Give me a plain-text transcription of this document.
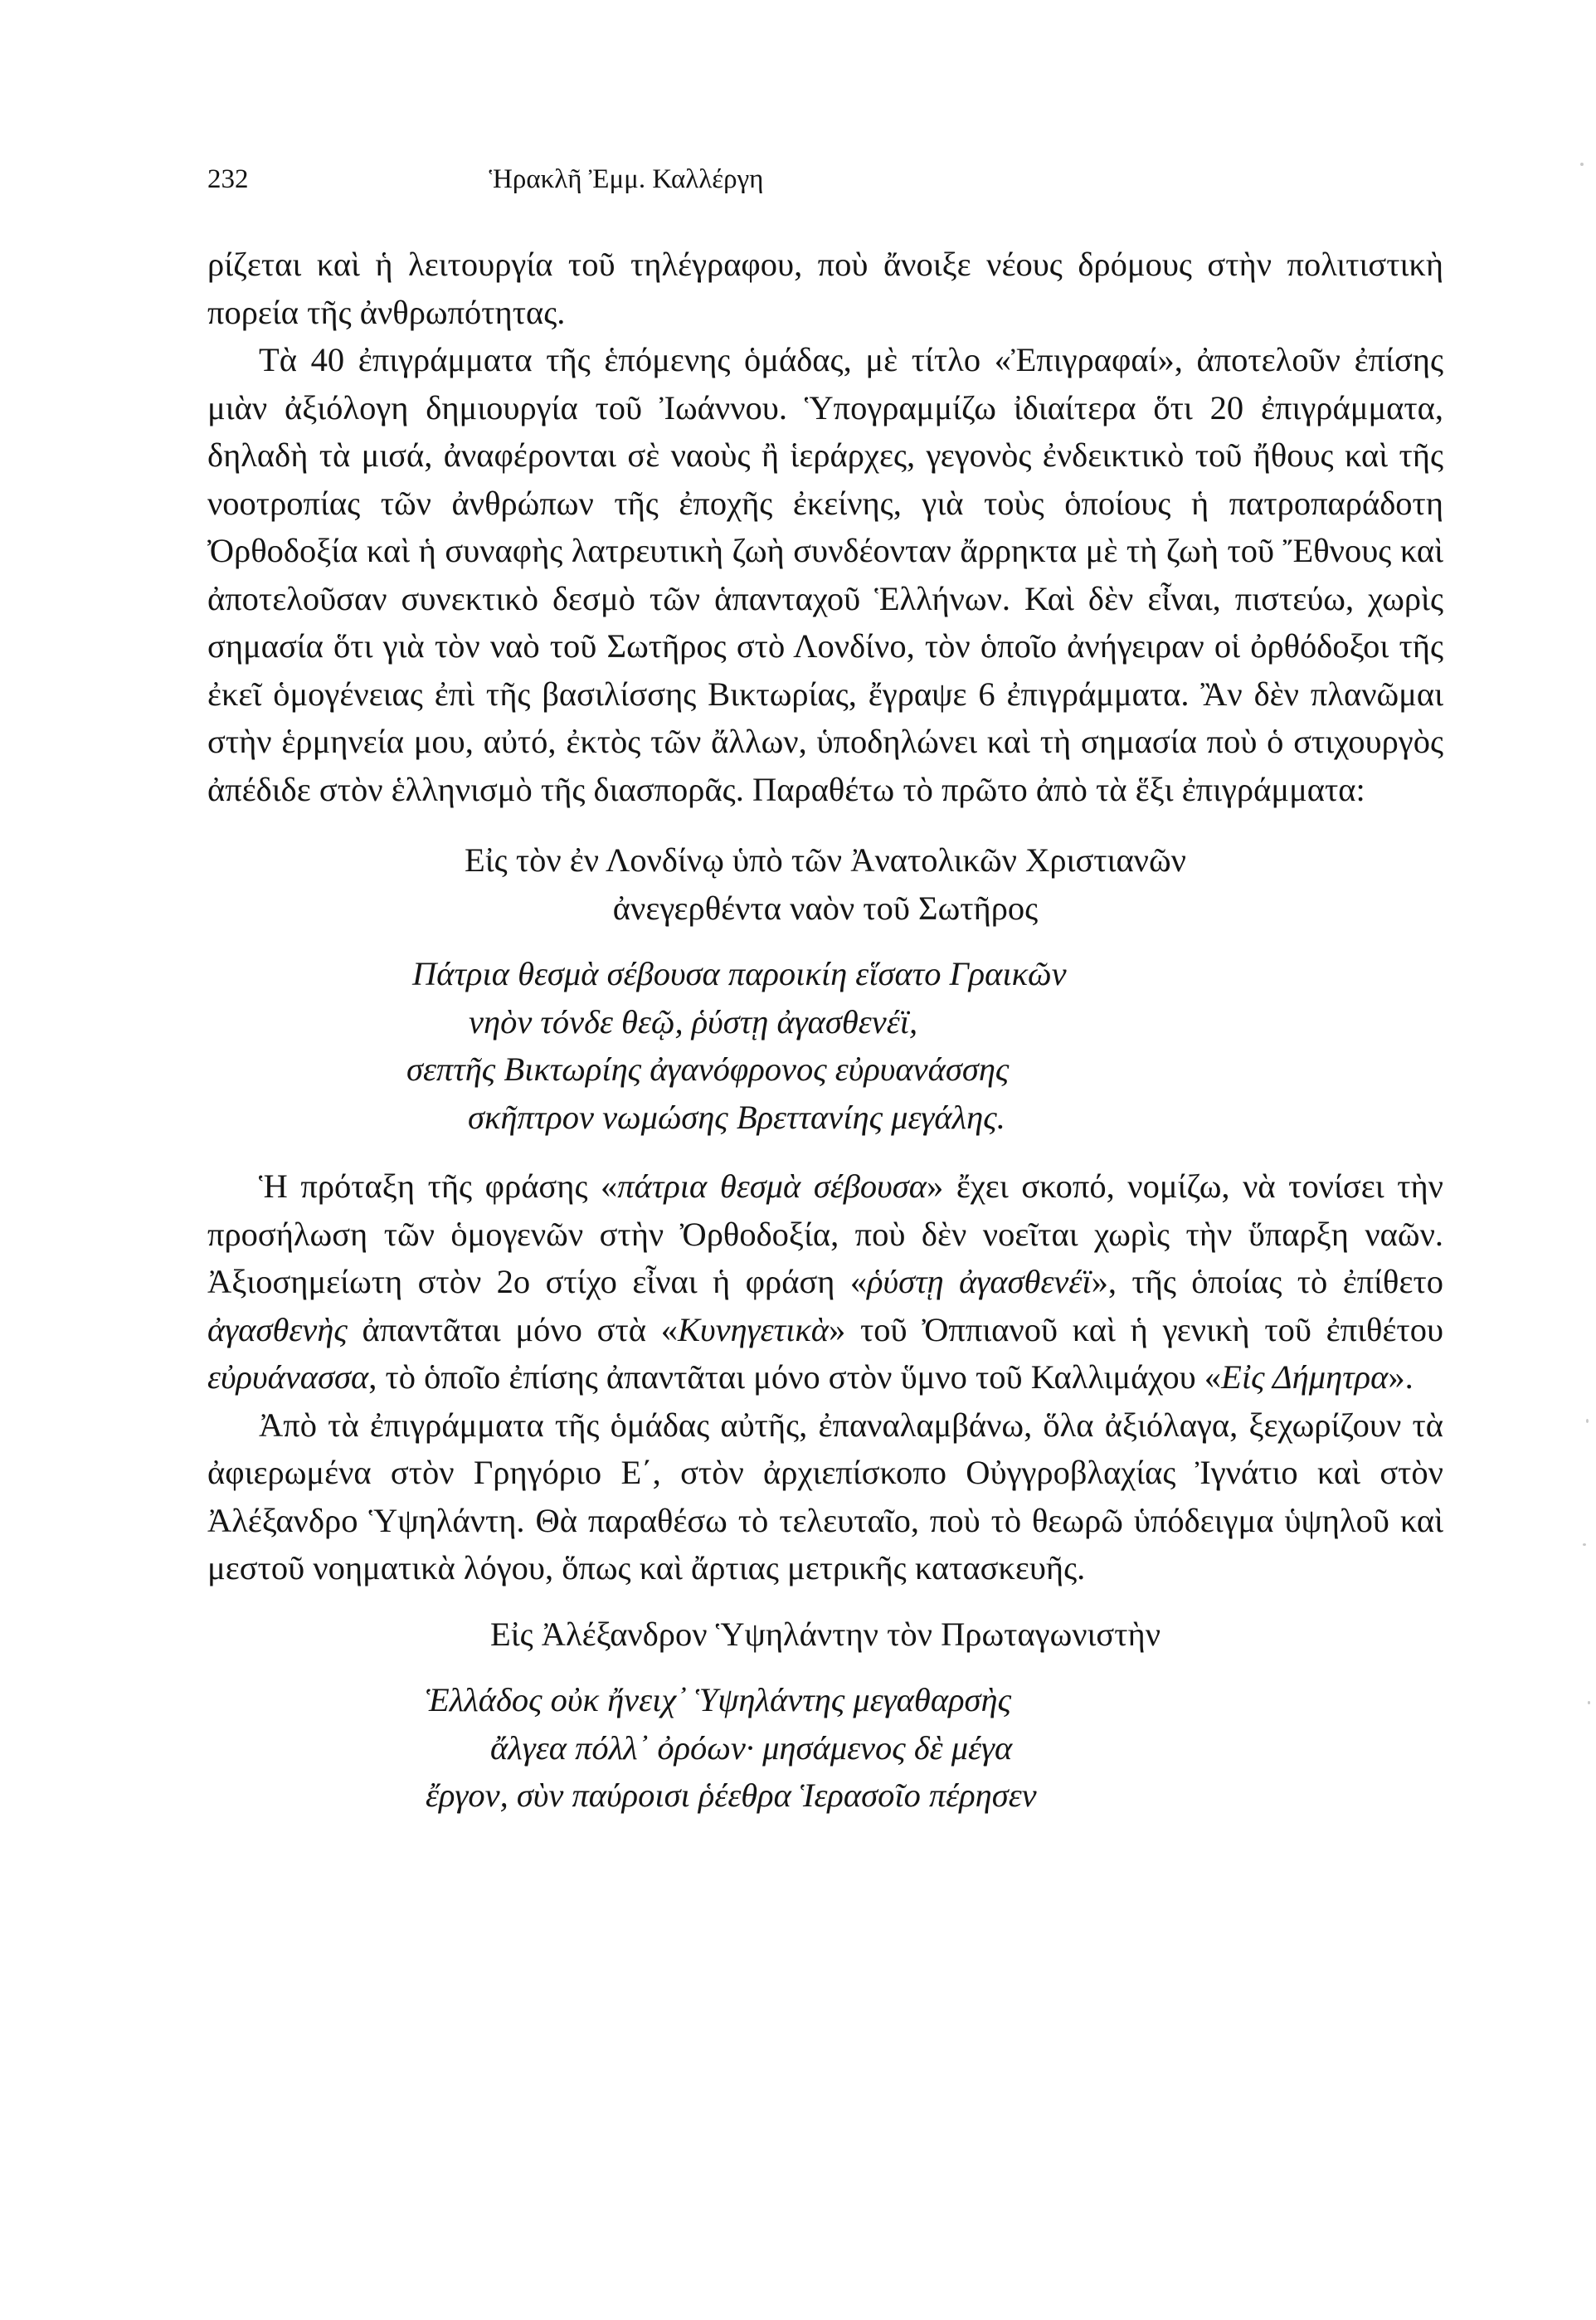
232	Ἡρακλῆ Ἐμμ. Καλλέργη

ρίζεται καὶ ἡ λειτουργία τοῦ τηλέγραφου, ποὺ ἄνοιξε νέους δρόμους στὴν πολιτιστικὴ πορεία τῆς ἀνθρωπότητας.

Τὰ 40 ἐπιγράμματα τῆς ἑπόμενης ὁμάδας, μὲ τίτλο «Ἐπιγραφαί», ἀποτελοῦν ἐπίσης μιὰν ἀξιόλογη δημιουργία τοῦ Ἰωάννου. Ὑπογραμμίζω ἰδιαίτερα ὅτι 20 ἐπιγράμματα, δηλαδὴ τὰ μισά, ἀναφέρονται σὲ ναοὺς ἢ ἱεράρχες, γεγονὸς ἐνδεικτικὸ τοῦ ἤθους καὶ τῆς νοοτροπίας τῶν ἀνθρώπων τῆς ἐποχῆς ἐκείνης, γιὰ τοὺς ὁποίους ἡ πατροπαράδοτη Ὀρθοδοξία καὶ ἡ συναφὴς λατρευτικὴ ζωὴ συνδέονταν ἄρρηκτα μὲ τὴ ζωὴ τοῦ Ἔθνους καὶ ἀποτελοῦσαν συνεκτικὸ δεσμὸ τῶν ἁπανταχοῦ Ἑλλήνων. Καὶ δὲν εἶναι, πιστεύω, χωρὶς σημασία ὅτι γιὰ τὸν ναὸ τοῦ Σωτῆρος στὸ Λονδίνο, τὸν ὁποῖο ἀνήγειραν οἱ ὀρθόδοξοι τῆς ἐκεῖ ὁμογένειας ἐπὶ τῆς βασιλίσσης Βικτωρίας, ἔγραψε 6 ἐπιγράμματα. Ἂν δὲν πλανῶμαι στὴν ἑρμηνεία μου, αὐτό, ἐκτὸς τῶν ἄλλων, ὑποδηλώνει καὶ τὴ σημασία ποὺ ὁ στιχουργὸς ἀπέδιδε στὸν ἑλληνισμὸ τῆς διασπορᾶς. Παραθέτω τὸ πρῶτο ἀπὸ τὰ ἕξι ἐπιγράμματα:

Εἰς τὸν ἐν Λονδίνῳ ὑπὸ τῶν Ἀνατολικῶν Χριστιανῶν
ἀνεγερθέντα ναὸν τοῦ Σωτῆρος

Πάτρια θεσμὰ σέβουσα παροικίη εἵσατο Γραικῶν
νηὸν τόνδε θεῷ, ῥύστῃ ἀγασθενέϊ,
σεπτῆς Βικτωρίης ἀγανόφρονος εὐρυανάσσης
σκῆπτρον νωμώσης Βρεττανίης μεγάλης.

Ἡ πρόταξη τῆς φράσης «πάτρια θεσμὰ σέβουσα» ἔχει σκοπό, νομίζω, νὰ τονίσει τὴν προσήλωση τῶν ὁμογενῶν στὴν Ὀρθοδοξία, ποὺ δὲν νοεῖται χωρὶς τὴν ὕπαρξη ναῶν. Ἀξιοσημείωτη στὸν 2ο στίχο εἶναι ἡ φράση «ῥύστῃ ἀγασθενέϊ», τῆς ὁποίας τὸ ἐπίθετο ἀγασθενὴς ἀπαντᾶται μόνο στὰ «Κυνηγετικὰ» τοῦ Ὀππιανοῦ καὶ ἡ γενικὴ τοῦ ἐπιθέτου εὐρυάνασσα, τὸ ὁποῖο ἐπίσης ἀπαντᾶται μόνο στὸν ὕμνο τοῦ Καλλιμάχου «Εἰς Δήμητρα».

Ἀπὸ τὰ ἐπιγράμματα τῆς ὁμάδας αὐτῆς, ἐπαναλαμβάνω, ὅλα ἀξιόλαγα, ξεχωρίζουν τὰ ἀφιερωμένα στὸν Γρηγόριο Ε΄, στὸν ἀρχιεπίσκοπο Οὐγγροβλαχίας Ἰγνάτιο καὶ στὸν Ἀλέξανδρο Ὑψηλάντη. Θὰ παραθέσω τὸ τελευταῖο, ποὺ τὸ θεωρῶ ὑπόδειγμα ὑψηλοῦ καὶ μεστοῦ νοηματικὰ λόγου, ὅπως καὶ ἄρτιας μετρικῆς κατασκευῆς.

Εἰς Ἀλέξανδρον Ὑψηλάντην τὸν Πρωταγωνιστὴν

Ἑλλάδος οὐκ ἤνειχ᾿ Ὑψηλάντης μεγαθαρσὴς
ἄλγεα πόλλ᾿ ὀρόων· μησάμενος δὲ μέγα
ἔργον, σὺν παύροισι ῥέεθρα Ἱερασοῖο πέρησεν
